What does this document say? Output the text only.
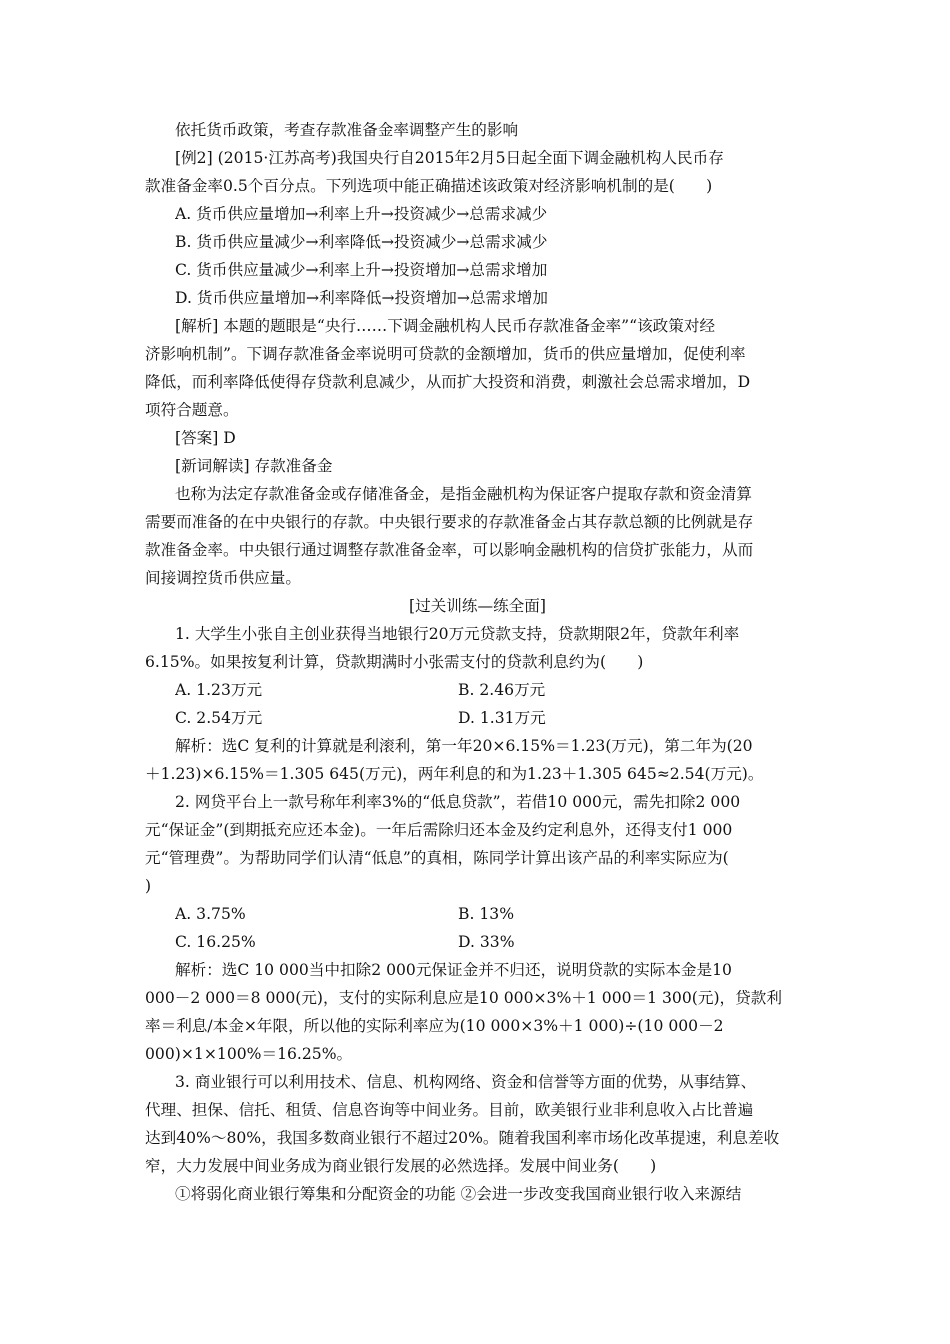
依托货币政策，考查存款准备金率调整产生的影响
[例2] (2015·江苏高考)我国央行自2015年2月5日起全面下调金融机构人民币存
款准备金率0.5个百分点。下列选项中能正确描述该政策对经济影响机制的是(　　)
A. 货币供应量增加→利率上升→投资减少→总需求减少
B. 货币供应量减少→利率降低→投资减少→总需求减少
C. 货币供应量减少→利率上升→投资增加→总需求增加
D. 货币供应量增加→利率降低→投资增加→总需求增加
[解析] 本题的题眼是“央行……下调金融机构人民币存款准备金率”“该政策对经
济影响机制”。下调存款准备金率说明可贷款的金额增加，货币的供应量增加，促使利率
降低，而利率降低使得存贷款利息减少，从而扩大投资和消费，刺激社会总需求增加，D
项符合题意。
[答案] D
[新词解读] 存款准备金
也称为法定存款准备金或存储准备金，是指金融机构为保证客户提取存款和资金清算
需要而准备的在中央银行的存款。中央银行要求的存款准备金占其存款总额的比例就是存
款准备金率。中央银行通过调整存款准备金率，可以影响金融机构的信贷扩张能力，从而
间接调控货币供应量。
[过关训练—练全面]
1. 大学生小张自主创业获得当地银行20万元贷款支持，贷款期限2年，贷款年利率
6.15%。如果按复利计算，贷款期满时小张需支付的贷款利息约为(　　)
A. 1.23万元	B. 2.46万元
C. 2.54万元	D. 1.31万元
解析：选C 复利的计算就是利滚利，第一年20×6.15%＝1.23(万元)，第二年为(20
＋1.23)×6.15%＝1.305 645(万元)，两年利息的和为1.23＋1.305 645≈2.54(万元)。
2. 网贷平台上一款号称年利率3%的“低息贷款”，若借10 000元，需先扣除2 000
元“保证金”(到期抵充应还本金)。一年后需除归还本金及约定利息外，还得支付1 000
元“管理费”。为帮助同学们认清“低息”的真相，陈同学计算出该产品的利率实际应为(
)
A. 3.75%	B. 13%
C. 16.25%	D. 33%
解析：选C 10 000当中扣除2 000元保证金并不归还，说明贷款的实际本金是10
000－2 000＝8 000(元)，支付的实际利息应是10 000×3%＋1 000＝1 300(元)，贷款利
率＝利息/本金×年限，所以他的实际利率应为(10 000×3%＋1 000)÷(10 000－2
000)×1×100%＝16.25%。
3. 商业银行可以利用技术、信息、机构网络、资金和信誉等方面的优势，从事结算、
代理、担保、信托、租赁、信息咨询等中间业务。目前，欧美银行业非利息收入占比普遍
达到40%～80%，我国多数商业银行不超过20%。随着我国利率市场化改革提速，利息差收
窄，大力发展中间业务成为商业银行发展的必然选择。发展中间业务(　　)
①将弱化商业银行筹集和分配资金的功能 ②会进一步改变我国商业银行收入来源结
